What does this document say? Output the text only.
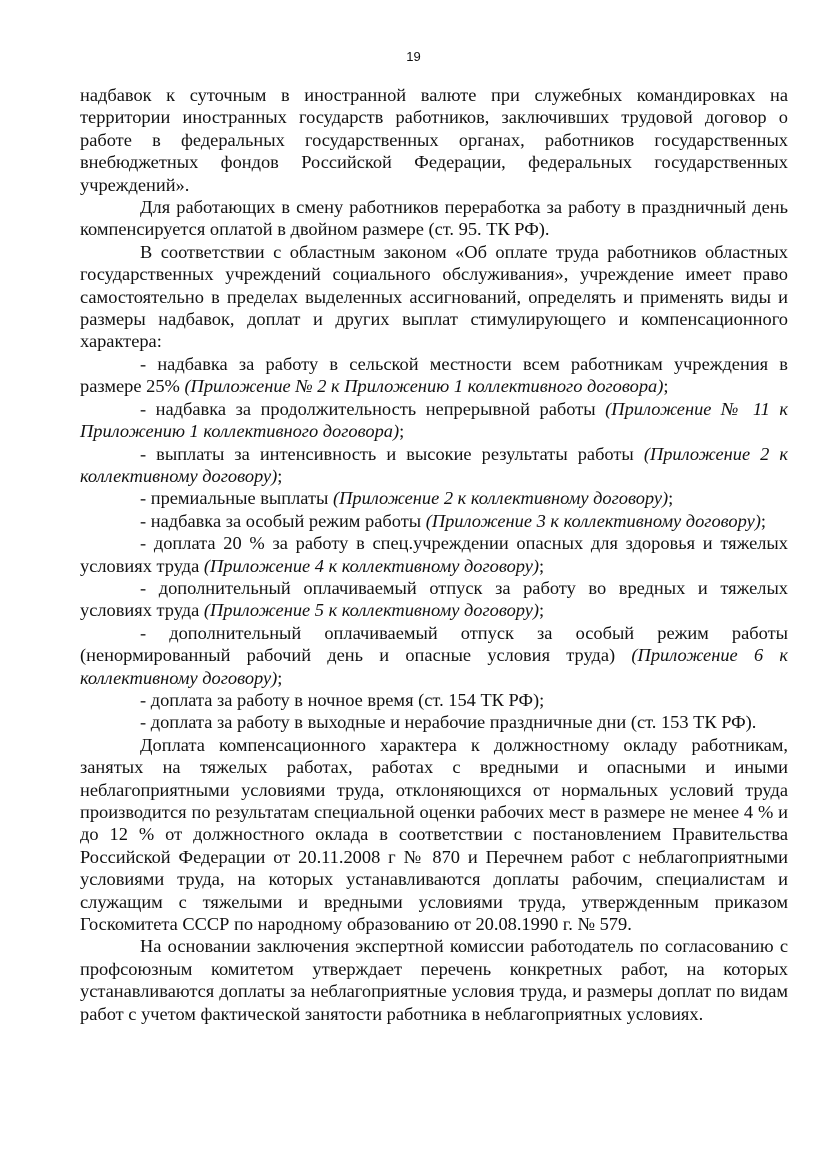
19

надбавок к суточным в иностранной валюте при служебных командировках на территории иностранных государств работников, заключивших трудовой договор о работе в федеральных государственных органах, работников государственных внебюджетных фондов Российской Федерации, федеральных государственных учреждений».

Для работающих в смену работников переработка за работу в праздничный день компенсируется оплатой в двойном размере (ст. 95. ТК РФ).

В соответствии с областным законом «Об оплате труда работников областных государственных учреждений социального обслуживания», учреждение имеет право самостоятельно в пределах выделенных ассигнований, определять и применять виды и размеры надбавок, доплат и других выплат стимулирующего и компенсационного характера:

- надбавка за работу в сельской местности всем работникам учреждения в размере 25% (Приложение № 2 к Приложению 1 коллективного договора);

- надбавка за продолжительность непрерывной работы (Приложение № 11 к Приложению 1 коллективного договора);

- выплаты за интенсивность и высокие результаты работы (Приложение 2 к коллективному договору);

- премиальные выплаты (Приложение 2 к коллективному договору);

- надбавка за особый режим работы (Приложение 3 к коллективному договору);

- доплата 20 % за работу в спец.учреждении опасных для здоровья и тяжелых условиях труда (Приложение 4 к коллективному договору);

- дополнительный оплачиваемый отпуск за работу во вредных и тяжелых условиях труда (Приложение 5 к коллективному договору);

- дополнительный оплачиваемый отпуск за особый режим работы (ненормированный рабочий день и опасные условия труда) (Приложение 6 к коллективному договору);

- доплата за работу в ночное время (ст. 154 ТК РФ);

- доплата за работу в выходные и нерабочие праздничные дни (ст. 153 ТК РФ).

Доплата компенсационного характера к должностному окладу работникам, занятых на тяжелых работах, работах с вредными и опасными и иными неблагоприятными условиями труда, отклоняющихся от нормальных условий труда производится по результатам специальной оценки рабочих мест в размере не менее 4 % и до 12 % от должностного оклада в соответствии с постановлением Правительства Российской Федерации от 20.11.2008 г № 870 и Перечнем работ с неблагоприятными условиями труда, на которых устанавливаются доплаты рабочим, специалистам и служащим с тяжелыми и вредными условиями труда, утвержденным приказом Госкомитета СССР по народному образованию от 20.08.1990 г. № 579.

На основании заключения экспертной комиссии работодатель по согласованию с профсоюзным комитетом утверждает перечень конкретных работ, на которых устанавливаются доплаты за неблагоприятные условия труда, и размеры доплат по видам работ с учетом фактической занятости работника в неблагоприятных условиях.
